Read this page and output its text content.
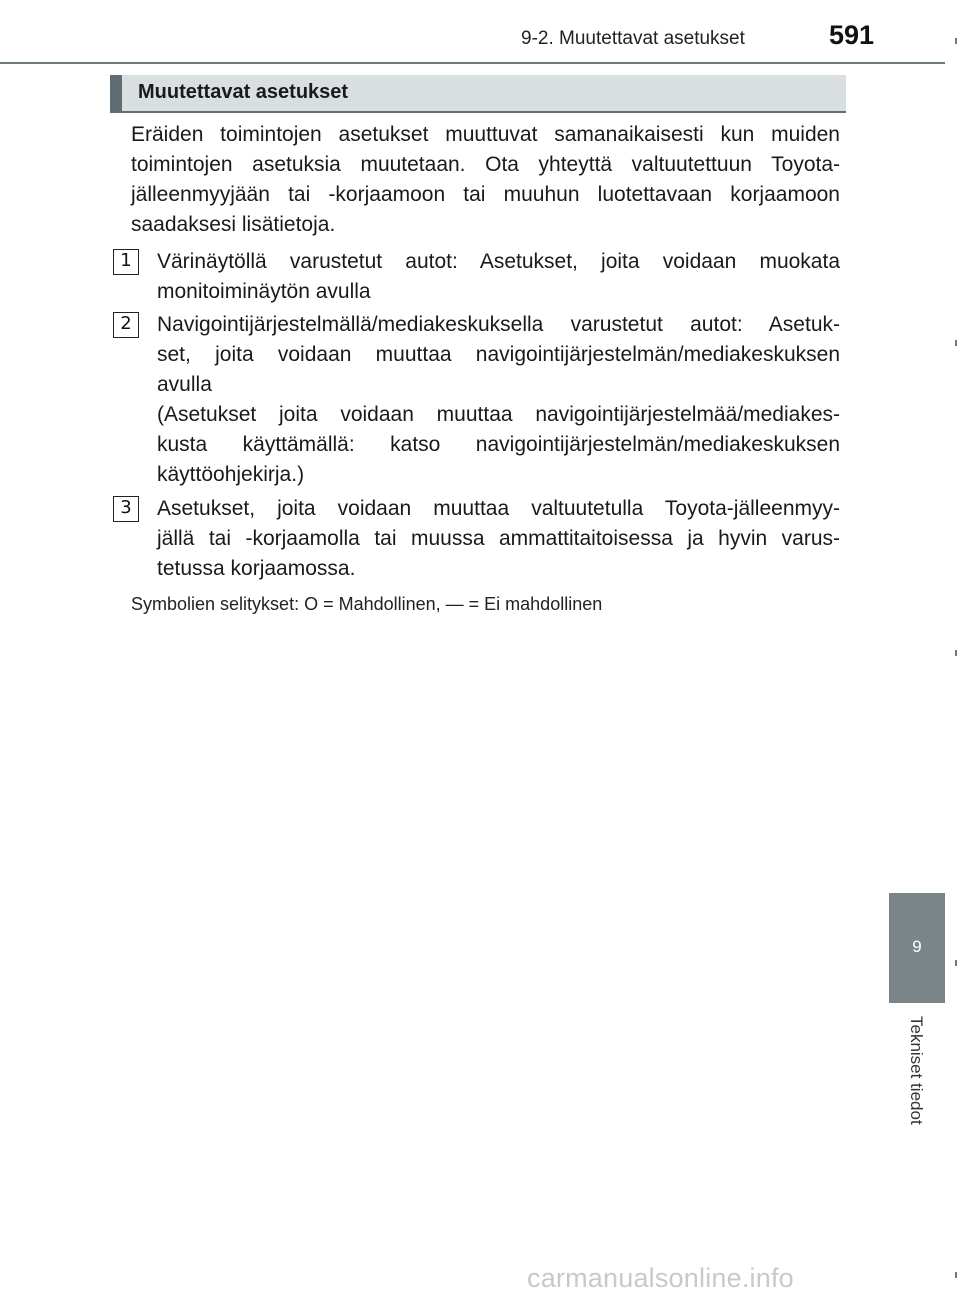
9-2. Muutettavat asetukset	591
Muutettavat asetukset
Eräiden toimintojen asetukset muuttuvat samanaikaisesti kun muiden
toimintojen asetuksia muutetaan. Ota yhteyttä valtuutettuun Toyota-
jälleenmyyjään tai -korjaamoon tai muuhun luotettavaan korjaamoon
saadaksesi lisätietoja.
1	Värinäytöllä varustetut autot: Asetukset, joita voidaan muokata
monitoiminäytön avulla
2	Navigointijärjestelmällä/mediakeskuksella varustetut autot: Asetuk-
set, joita voidaan muuttaa navigointijärjestelmän/mediakeskuksen
avulla
(Asetukset joita voidaan muuttaa navigointijärjestelmää/mediakes-
kusta käyttämällä: katso navigointijärjestelmän/mediakeskuksen
käyttöohjekirja.)
3	Asetukset, joita voidaan muuttaa valtuutetulla Toyota-jälleenmyy-
jällä tai -korjaamolla tai muussa ammattitaitoisessa ja hyvin varus-
tetussa korjaamossa.
Symbolien selitykset: O = Mahdollinen, — = Ei mahdollinen
9
Tekniset tiedot
carmanualsonline.info
